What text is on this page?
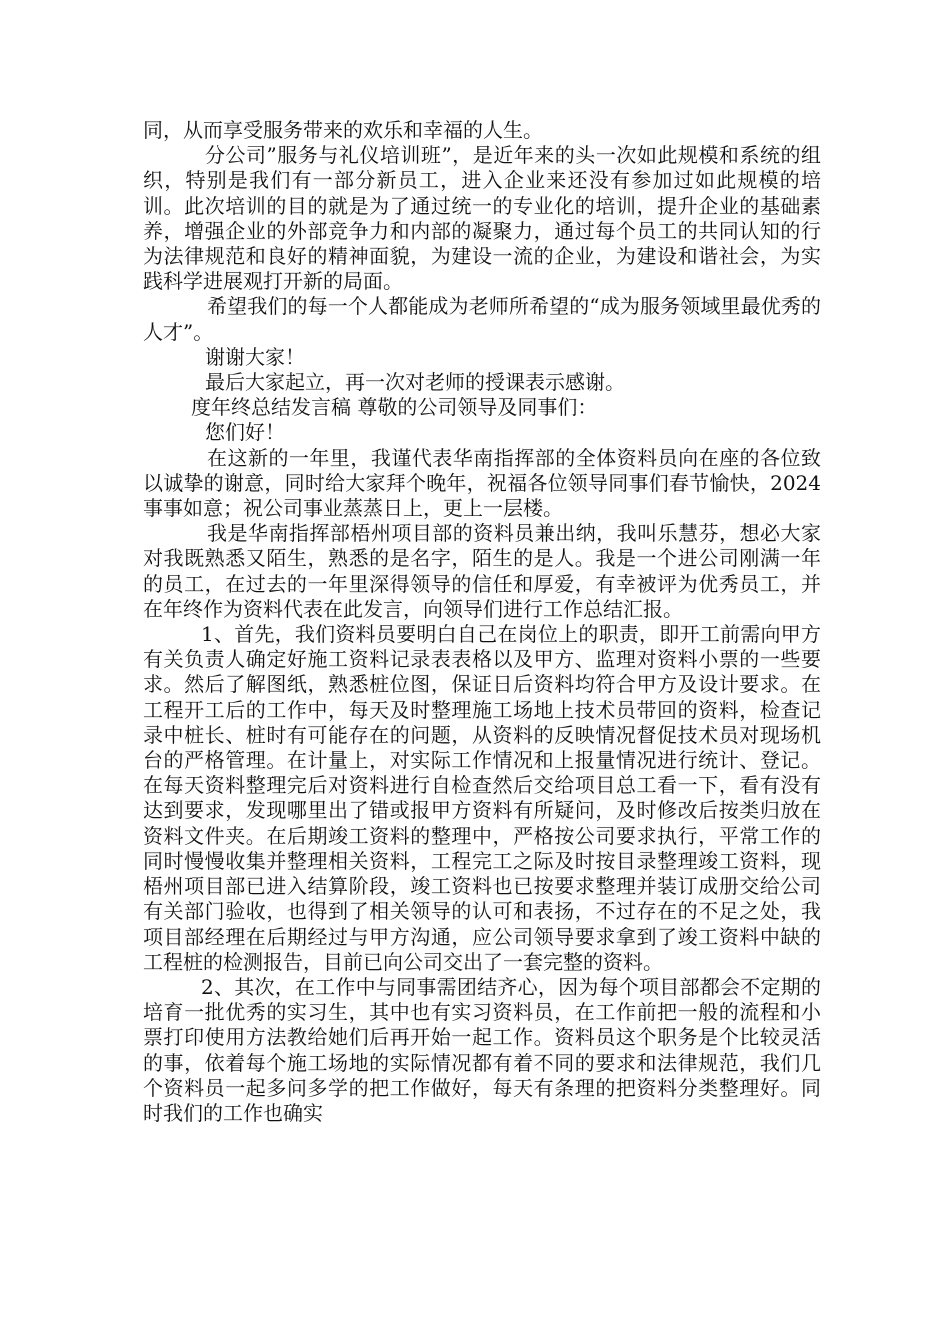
同，从而享受服务带来的欢乐和幸福的人生。

分公司”服务与礼仪培训班”，是近年来的头一次如此规模和系统的组织，特别是我们有一部分新员工，进入企业来还没有参加过如此规模的培训。此次培训的目的就是为了通过统一的专业化的培训，提升企业的基础素养，增强企业的外部竞争力和内部的凝聚力，通过每个员工的共同认知的行为法律规范和良好的精神面貌，为建设一流的企业，为建设和谐社会，为实践科学进展观打开新的局面。

希望我们的每一个人都能成为老师所希望的“成为服务领域里最优秀的人才”。

谢谢大家！

最后大家起立，再一次对老师的授课表示感谢。

度年终总结发言稿 尊敬的公司领导及同事们：

您们好！

在这新的一年里，我谨代表华南指挥部的全体资料员向在座的各位致以诚挚的谢意，同时给大家拜个晚年，祝福各位领导同事们春节愉快，2024事事如意；祝公司事业蒸蒸日上，更上一层楼。

我是华南指挥部梧州项目部的资料员兼出纳，我叫乐慧芬，想必大家对我既熟悉又陌生，熟悉的是名字，陌生的是人。我是一个进公司刚满一年的员工，在过去的一年里深得领导的信任和厚爱，有幸被评为优秀员工，并在年终作为资料代表在此发言，向领导们进行工作总结汇报。

1、首先，我们资料员要明白自己在岗位上的职责，即开工前需向甲方有关负责人确定好施工资料记录表表格以及甲方、监理对资料小票的一些要求。然后了解图纸，熟悉桩位图，保证日后资料均符合甲方及设计要求。在工程开工后的工作中，每天及时整理施工场地上技术员带回的资料，检查记录中桩长、桩时有可能存在的问题，从资料的反映情况督促技术员对现场机台的严格管理。在计量上，对实际工作情况和上报量情况进行统计、登记。在每天资料整理完后对资料进行自检查然后交给项目总工看一下，看有没有达到要求，发现哪里出了错或报甲方资料有所疑问，及时修改后按类归放在资料文件夹。在后期竣工资料的整理中，严格按公司要求执行，平常工作的同时慢慢收集并整理相关资料，工程完工之际及时按目录整理竣工资料，现梧州项目部已进入结算阶段，竣工资料也已按要求整理并装订成册交给公司有关部门验收，也得到了相关领导的认可和表扬，不过存在的不足之处，我项目部经理在后期经过与甲方沟通，应公司领导要求拿到了竣工资料中缺的工程桩的检测报告，目前已向公司交出了一套完整的资料。

2、其次，在工作中与同事需团结齐心，因为每个项目部都会不定期的培育一批优秀的实习生，其中也有实习资料员，在工作前把一般的流程和小票打印使用方法教给她们后再开始一起工作。资料员这个职务是个比较灵活的事，依着每个施工场地的实际情况都有着不同的要求和法律规范，我们几个资料员一起多问多学的把工作做好，每天有条理的把资料分类整理好。同时我们的工作也确实
